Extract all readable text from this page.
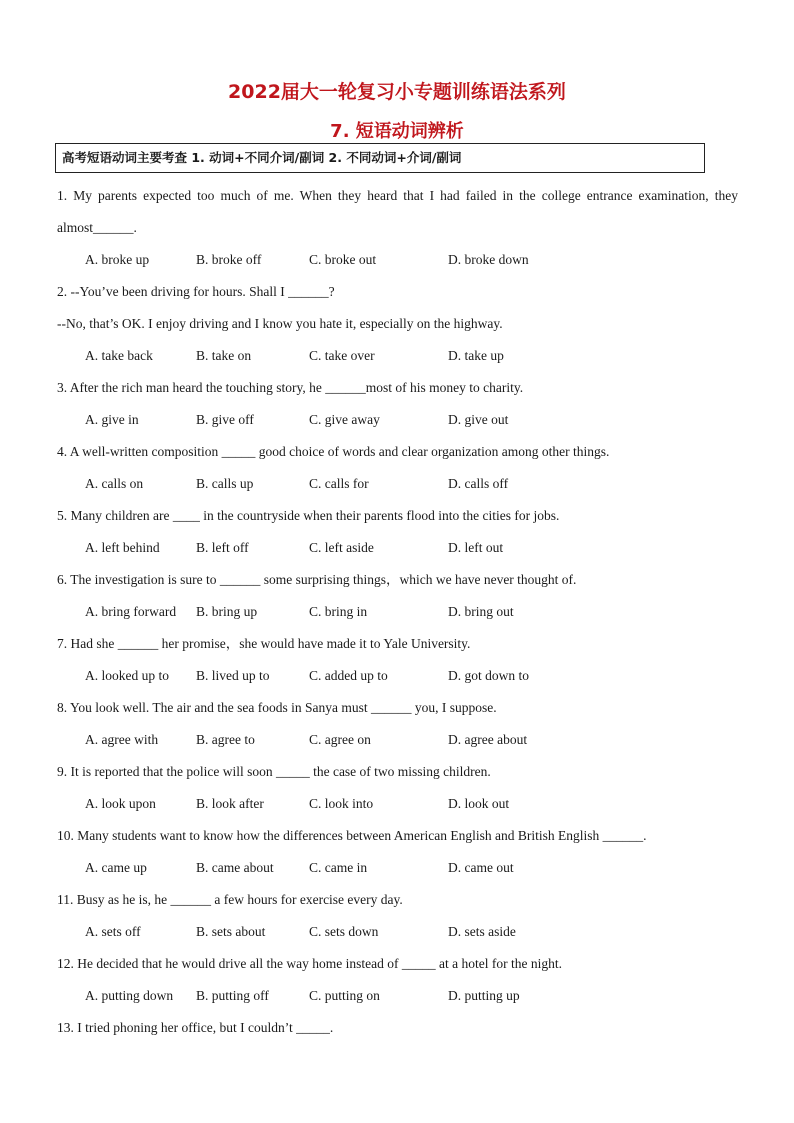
2022届大一轮复习小专题训练语法系列
7. 短语动词辨析
高考短语动词主要考查 1. 动词+不同介词/副词 2. 不同动词+介词/副词
1. My parents expected too much of me. When they heard that I had failed in the college entrance examination, they
almost______.
A. broke up	B. broke off	C. broke out	D. broke down
2. --You’ve been driving for hours. Shall I ______?
--No, that’s OK. I enjoy driving and I know you hate it, especially on the highway.
A. take back	B. take on	C. take over	D. take up
3. After the rich man heard the touching story, he ______most of his money to charity.
A. give in	B. give off	C. give away	D. give out
4. A well-written composition _____ good choice of words and clear organization among other things.
A. calls on	B. calls up	C. calls for	D. calls off
5. Many children are ____ in the countryside when their parents flood into the cities for jobs.
A. left behind	B. left off	C. left aside	D. left out
6. The investigation is sure to ______ some surprising things，which we have never thought of.
A. bring forward B. bring up	C. bring in	D. bring out
7. Had she ______ her promise，she would have made it to Yale University.
A. looked up to B. lived up to	C. added up to	D. got down to
8. You look well. The air and the sea foods in Sanya must ______ you, I suppose.
A. agree with	B. agree to	C. agree on	D. agree about
9. It is reported that the police will soon _____ the case of two missing children.
A. look upon	B. look after	C. look into	D. look out
10. Many students want to know how the differences between American English and British English ______.
A. came up	B. came about	C. came in	D. came out
11. Busy as he is, he ______ a few hours for exercise every day.
A. sets off	B. sets about	C. sets down	D. sets aside
12. He decided that he would drive all the way home instead of _____ at a hotel for the night.
A. putting down B. putting off	C. putting on	D. putting up
13. I tried phoning her office, but I couldn’t _____.
